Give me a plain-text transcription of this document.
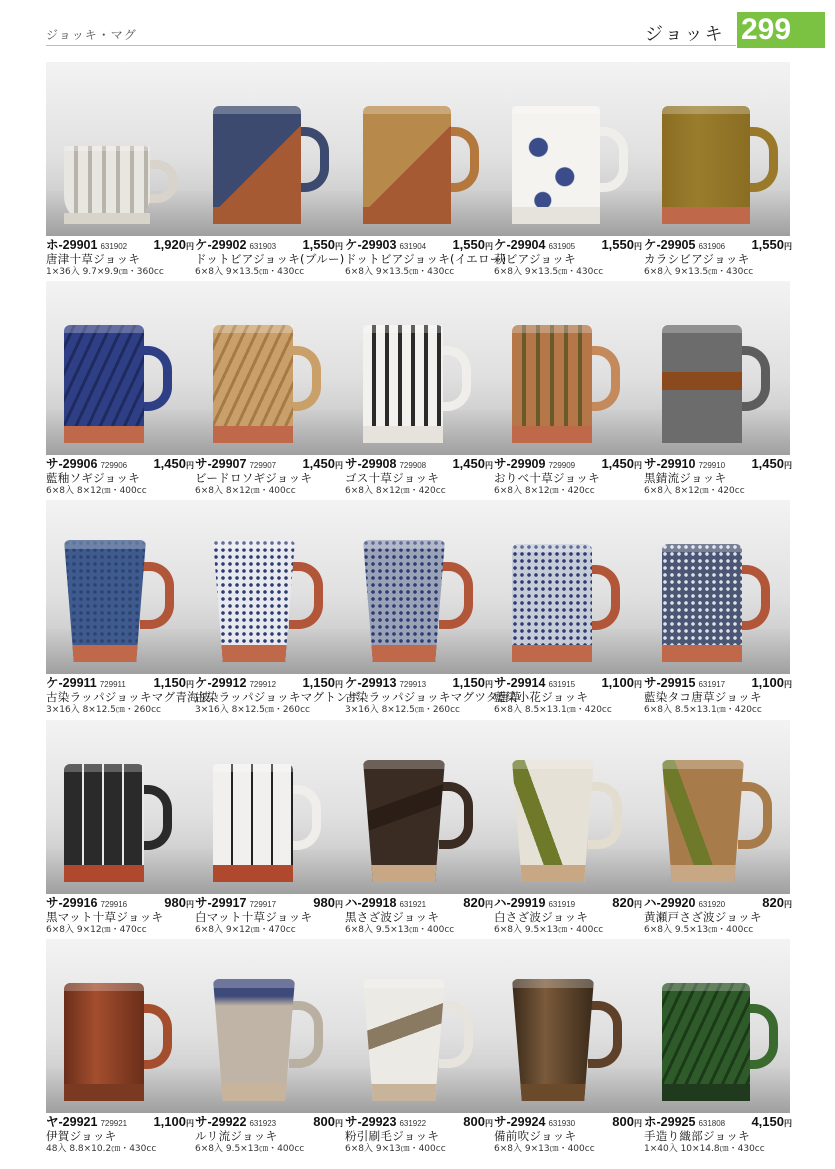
ジョッキ・マグ	ジョッキ 299
ホ-29901 631902 1,920円
唐津十草ジョッキ
1×36入 9.7×9.9㎝・360cc
ケ-29902 631903 1,550円
ドットビアジョッキ(ブルー)
6×8入 9×13.5㎝・430cc
ケ-29903 631904 1,550円
ドットビアジョッキ(イエロー)
6×8入 9×13.5㎝・430cc
ケ-29904 631905 1,550円
萩ビアジョッキ
6×8入 9×13.5㎝・430cc
ケ-29905 631906 1,550円
カラシビアジョッキ
6×8入 9×13.5㎝・430cc
サ-29906 729906 1,450円
藍釉ソギジョッキ
6×8入 8×12㎝・400cc
サ-29907 729907 1,450円
ビードロソギジョッキ
6×8入 8×12㎝・400cc
サ-29908 729908 1,450円
ゴス十草ジョッキ
6×8入 8×12㎝・420cc
サ-29909 729909 1,450円
おりべ十草ジョッキ
6×8入 8×12㎝・420cc
サ-29910 729910 1,450円
黒錆流ジョッキ
6×8入 8×12㎝・420cc
ケ-29911 729911 1,150円
古染ラッパジョッキマグ青海波
3×16入 8×12.5㎝・260cc
ケ-29912 729912 1,150円
古染ラッパジョッキマグトンボ
3×16入 8×12.5㎝・260cc
ケ-29913 729913 1,150円
古染ラッパジョッキマグツタ唐草
3×16入 8×12.5㎝・260cc
サ-29914 631915 1,100円
藍染小花ジョッキ
6×8入 8.5×13.1㎝・420cc
サ-29915 631917 1,100円
藍染タコ唐草ジョッキ
6×8入 8.5×13.1㎝・420cc
サ-29916 729916	980円
黒マット十草ジョッキ
6×8入 9×12㎝・470cc
サ-29917 729917	980円
白マット十草ジョッキ
6×8入 9×12㎝・470cc
ハ-29918 631921	820円
黒さざ波ジョッキ
6×8入 9.5×13㎝・400cc
ハ-29919 631919	820円
白さざ波ジョッキ
6×8入 9.5×13㎝・400cc
ハ-29920 631920	820円
黄瀬戸さざ波ジョッキ
6×8入 9.5×13㎝・400cc
ヤ-29921 729921 1,100円
伊賀ジョッキ
48入 8.8×10.2㎝・430cc
サ-29922 631923	800円
ルリ流ジョッキ
6×8入 9.5×13㎝・400cc
サ-29923 631922	800円
粉引刷毛ジョッキ
6×8入 9×13㎝・400cc
サ-29924 631930	800円
備前吹ジョッキ
6×8入 9×13㎝・400cc
ホ-29925 631808 4,150円
手造り織部ジョッキ
1×40入 10×14.8㎝・430cc
